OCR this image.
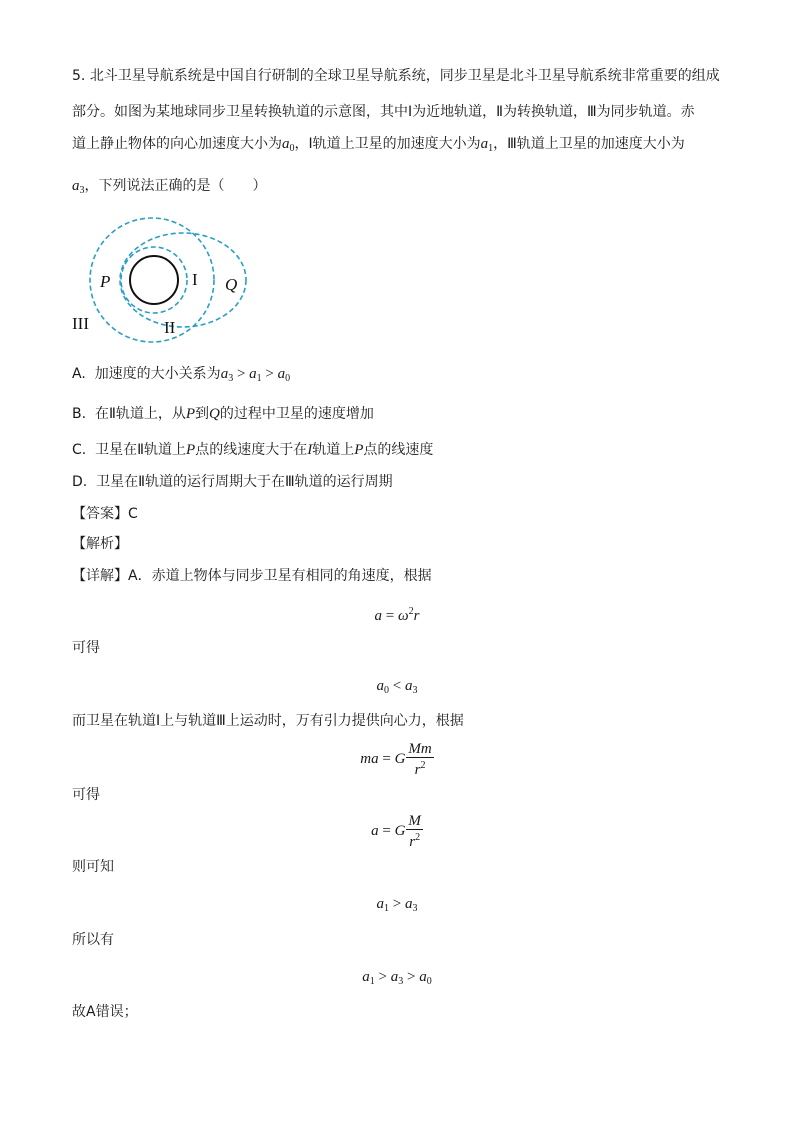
5. 北斗卫星导航系统是中国自行研制的全球卫星导航系统，同步卫星是北斗卫星导航系统非常重要的组成
部分。如图为某地球同步卫星转换轨道的示意图，其中Ⅰ为近地轨道，Ⅱ为转换轨道，Ⅲ为同步轨道。赤
道上静止物体的向心加速度大小为$a_0$，Ⅰ轨道上卫星的加速度大小为$a_1$，Ⅲ轨道上卫星的加速度大小为
$a_3$，下列说法正确的是（　　）
P	I Q
II
III
A. 加速度的大小关系为$a_3 > a_1 > a_0$
B. 在Ⅱ轨道上，从P到Q的过程中卫星的速度增加
C. 卫星在Ⅱ轨道上P点的线速度大于在I轨道上P点的线速度
D. 卫星在Ⅱ轨道的运行周期大于在Ⅲ轨道的运行周期
【答案】C
【解析】
【详解】A．赤道上物体与同步卫星有相同的角速度，根据
$a = \omega^2r$
可得
$a_0 < a_3$
而卫星在轨道Ⅰ上与轨道Ⅲ上运动时，万有引力提供向心力，根据
ma = G $\frac{Mm}{r^2}$
可得
a = G $\frac{M}{r^2}$
则可知
$a_1 > a_3$
所以有
$a_1 > a_3 > a_0$
故A错误；
